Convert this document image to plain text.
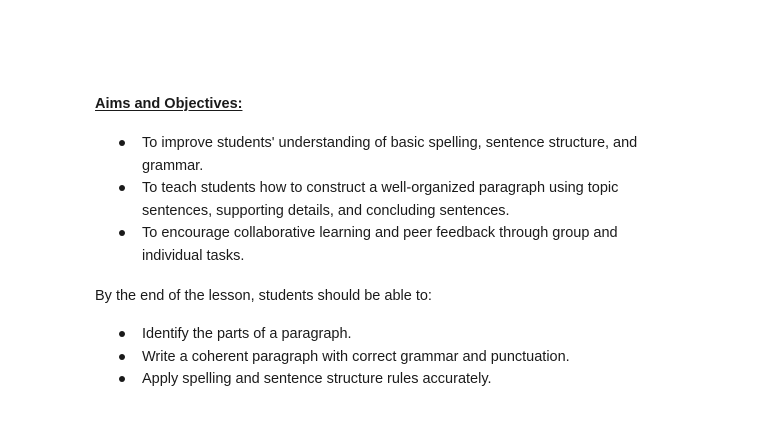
Aims and Objectives:
To improve students' understanding of basic spelling, sentence structure, and grammar.
To teach students how to construct a well-organized paragraph using topic sentences, supporting details, and concluding sentences.
To encourage collaborative learning and peer feedback through group and individual tasks.
By the end of the lesson, students should be able to:
Identify the parts of a paragraph.
Write a coherent paragraph with correct grammar and punctuation.
Apply spelling and sentence structure rules accurately.
